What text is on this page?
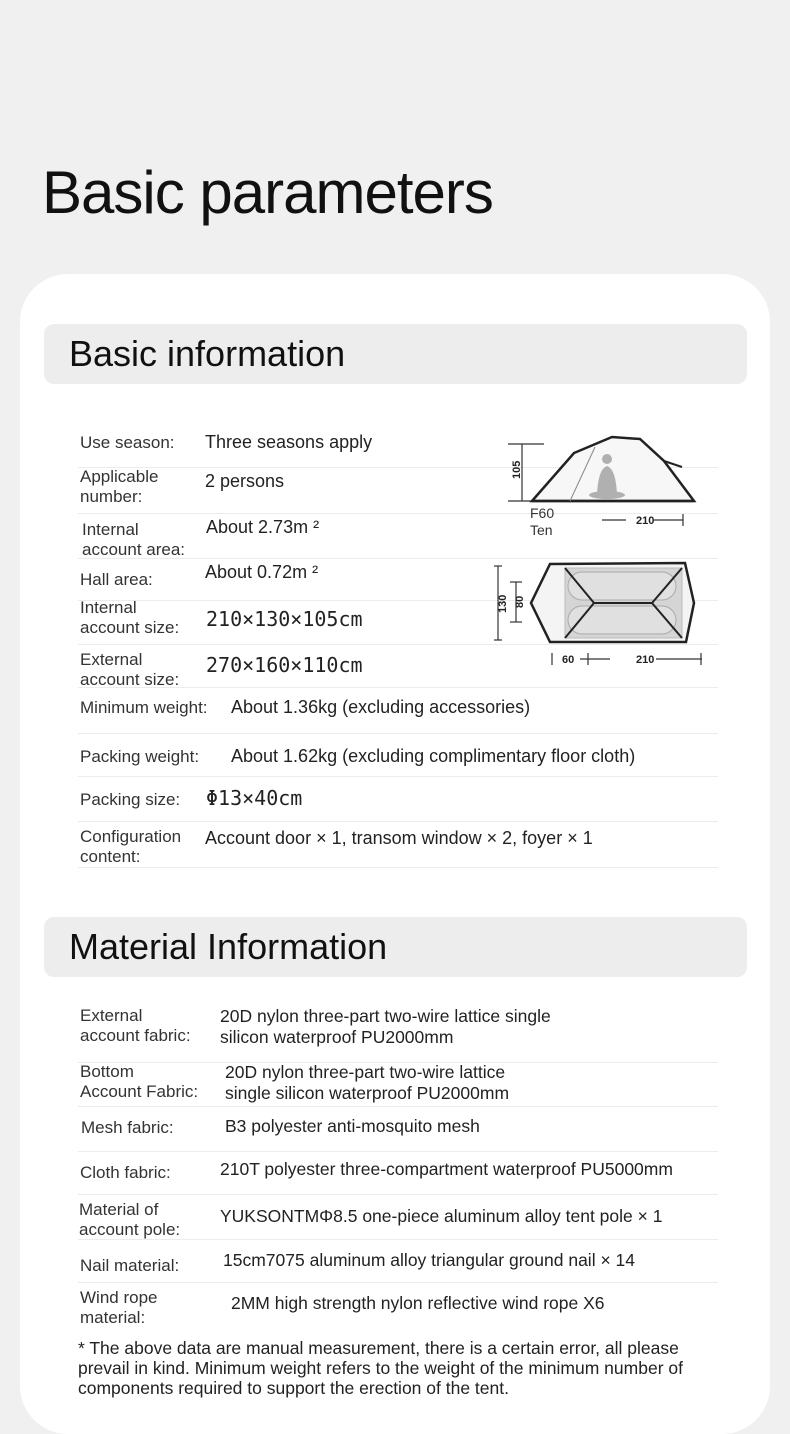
Basic parameters
Basic information
Use season: Three seasons apply
Applicable
number:
2 persons
Internal
account area:
About 2.73m ²
Hall area:	About 0.72m ²
Internal
account size: 210×130×105cm
External
account size:
270×160×110cm
Minimum weight: About 1.36kg (excluding accessories)
Packing weight: About 1.62kg (excluding complimentary floor cloth)
Packing size: Φ13×40cm
Configuration
content:
Account door × 1, transom window × 2, foyer × 1
105
F60
Ten
210
130 80
60	210
Material Information
External
account fabric:
20D nylon three-part two-wire lattice single
silicon waterproof PU2000mm
Bottom
Account Fabric:
20D nylon three-part two-wire lattice
single silicon waterproof PU2000mm
Mesh fabric:	B3 polyester anti-mosquito mesh
Cloth fabric:	210T polyester three-compartment waterproof PU5000mm
Material of
account pole:
YUKSONTMΦ8.5 one-piece aluminum alloy tent pole × 1
Nail material:	15cm7075 aluminum alloy triangular ground nail × 14
Wind rope
material:
2MM high strength nylon reflective wind rope X6
* The above data are manual measurement, there is a certain error, all please prevail in kind. Minimum weight refers to the weight of the minimum number of components required to support the erection of the tent.
